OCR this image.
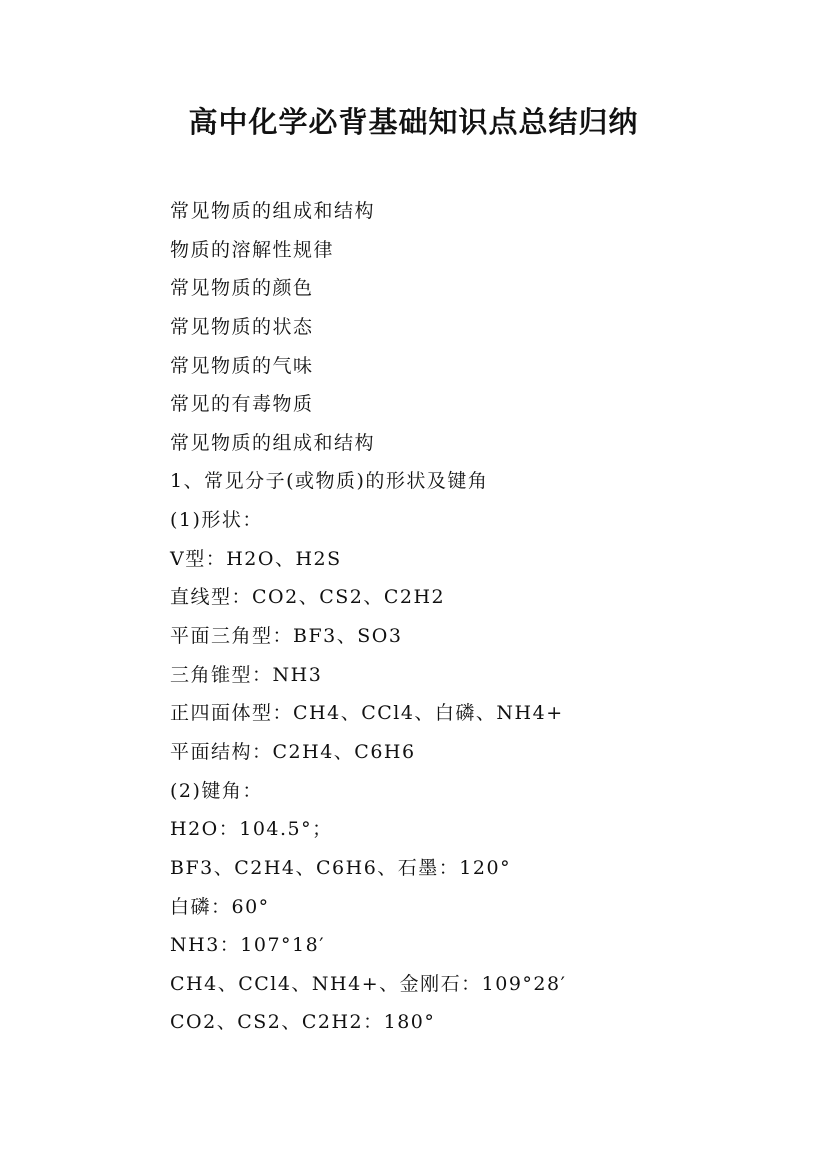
高中化学必背基础知识点总结归纳
常见物质的组成和结构
物质的溶解性规律
常见物质的颜色
常见物质的状态
常见物质的气味
常见的有毒物质
常见物质的组成和结构
1、常见分子(或物质)的形状及键角
(1)形状：
V型：H2O、H2S
直线型：CO2、CS2、C2H2
平面三角型：BF3、SO3
三角锥型：NH3
正四面体型：CH4、CCl4、白磷、NH4+
平面结构：C2H4、C6H6
(2)键角：
H2O：104.5°；
BF3、C2H4、C6H6、石墨：120°
白磷：60°
NH3：107°18′
CH4、CCl4、NH4+、金刚石：109°28′
CO2、CS2、C2H2：180°
